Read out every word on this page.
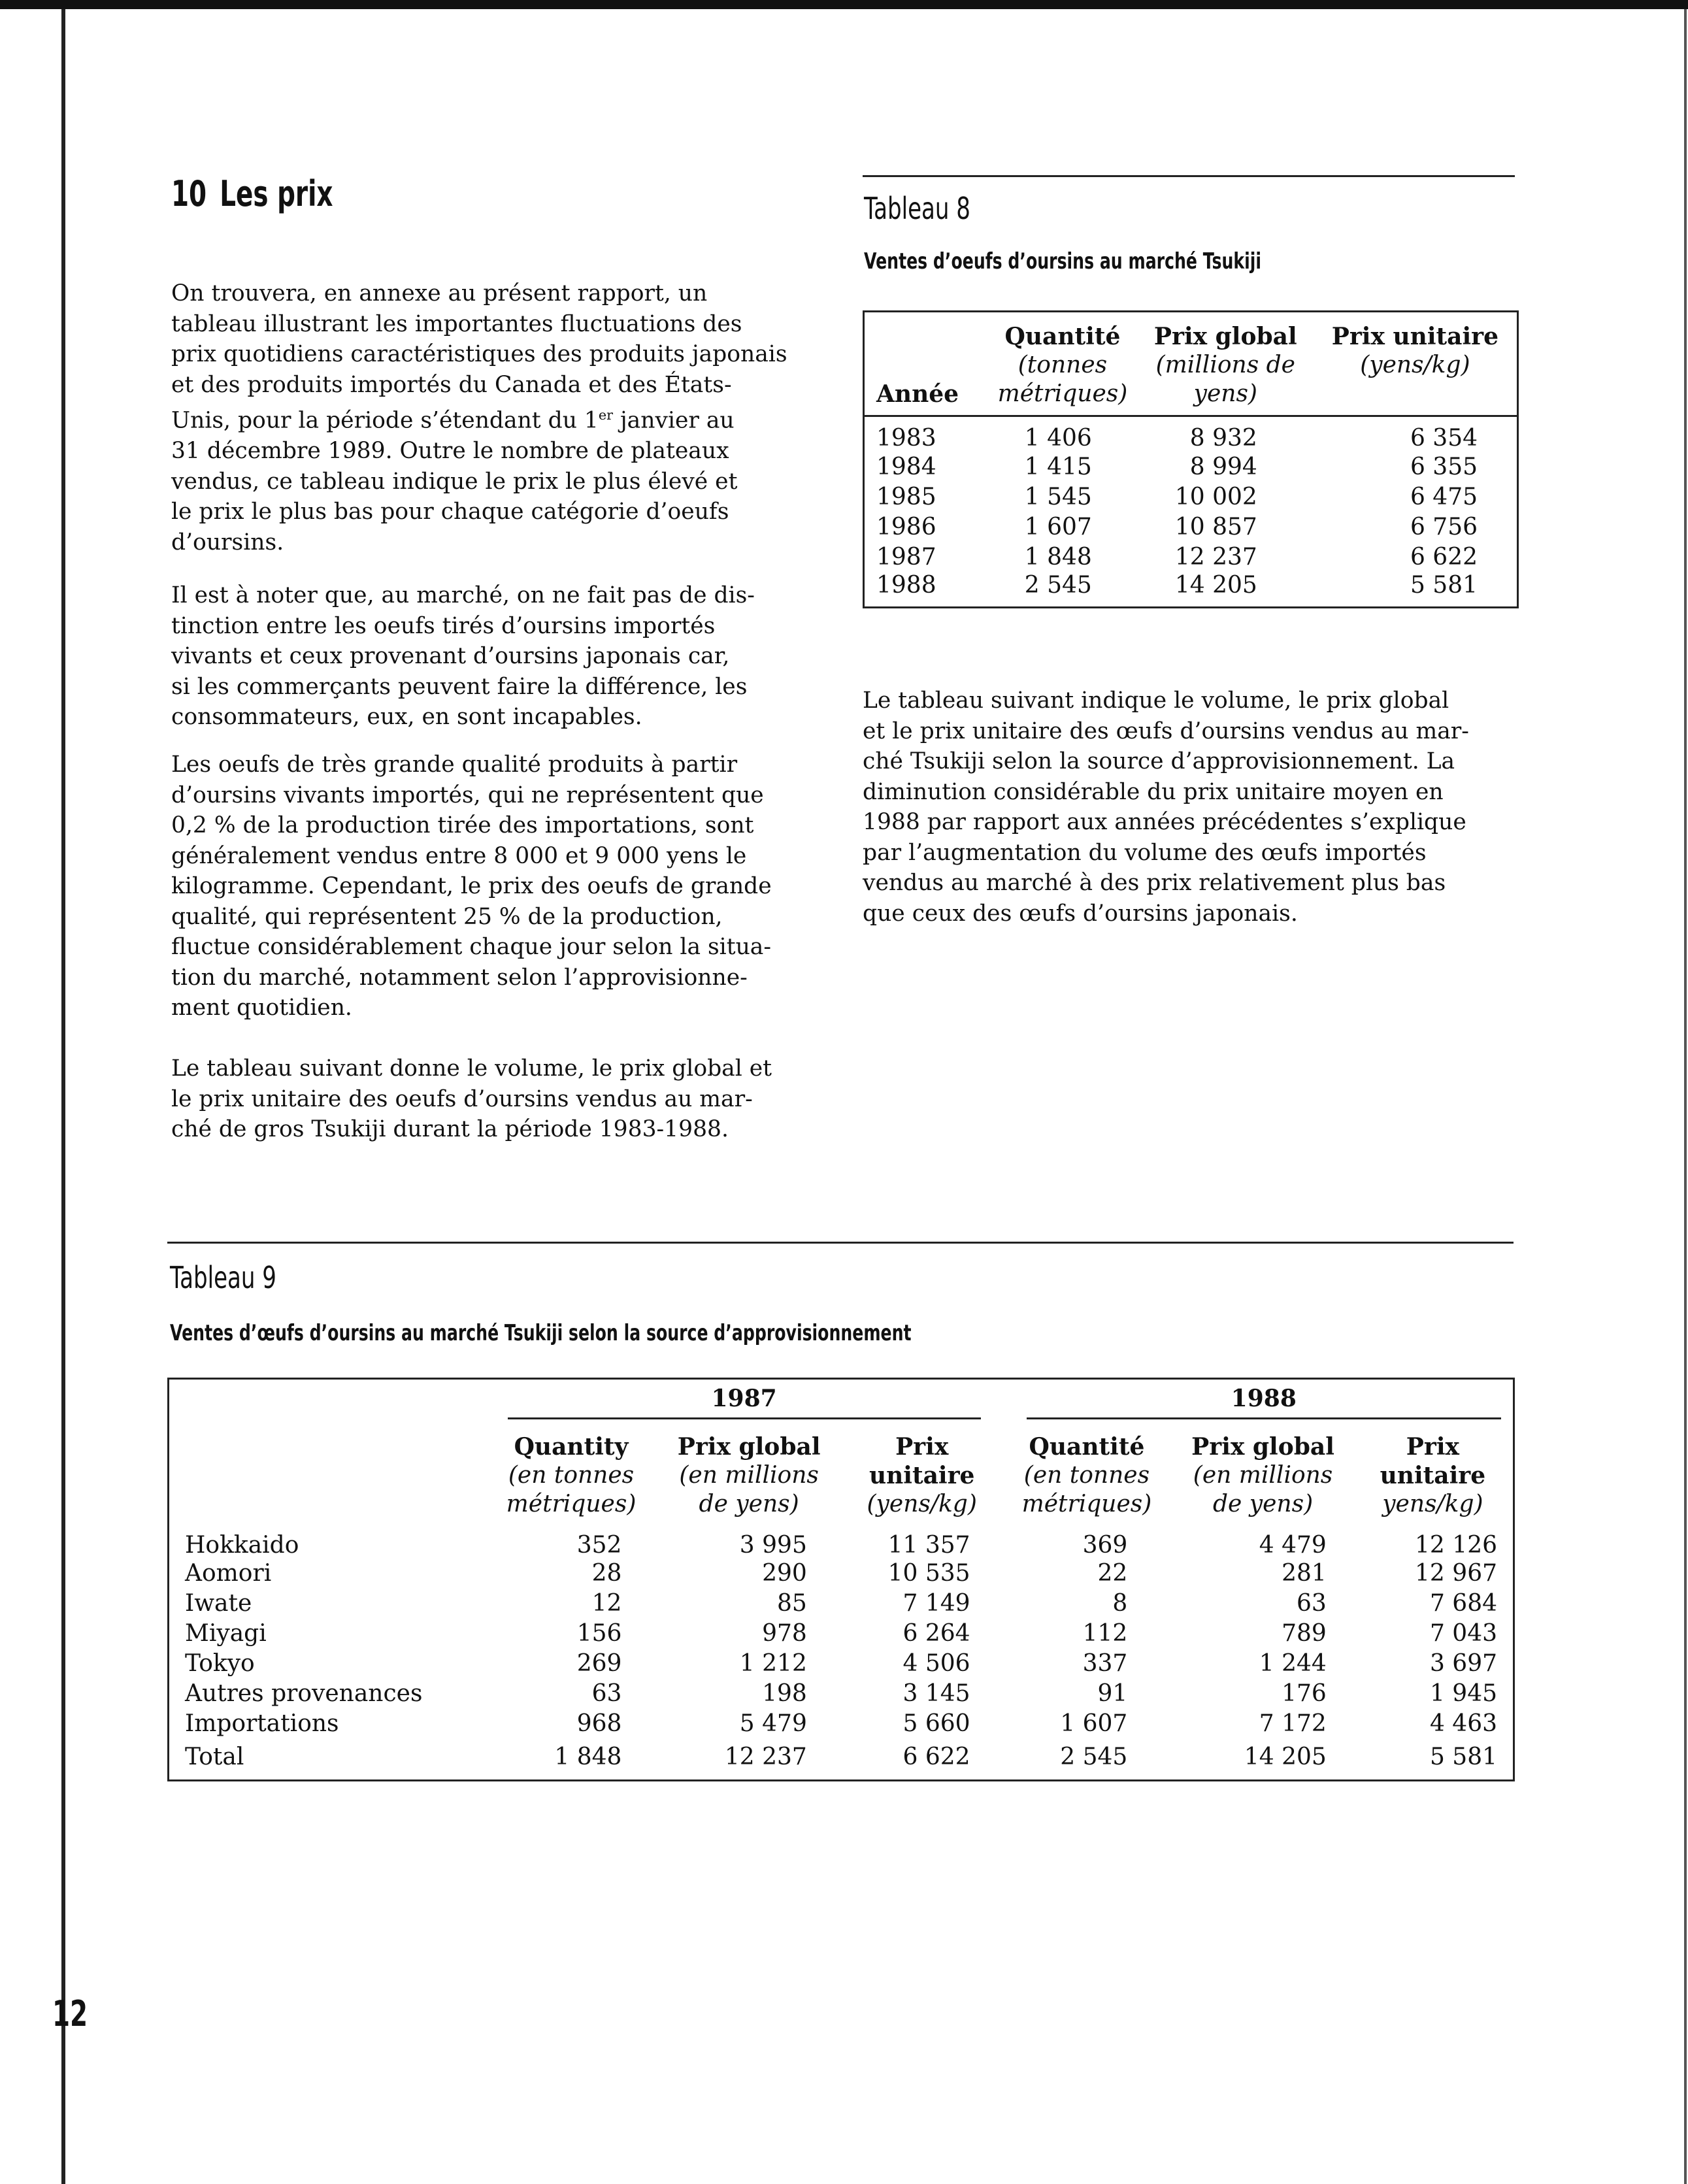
10 Les prix
On trouvera, en annexe au présent rapport, un
tableau illustrant les importantes fluctuations des
prix quotidiens caractéristiques des produits japonais
et des produits importés du Canada et des États-
Unis, pour la période s’étendant du 1er janvier au
31 décembre 1989. Outre le nombre de plateaux
vendus, ce tableau indique le prix le plus élevé et
le prix le plus bas pour chaque catégorie d’oeufs
d’oursins.
Il est à noter que, au marché, on ne fait pas de dis-
tinction entre les oeufs tirés d’oursins importés
vivants et ceux provenant d’oursins japonais car,
si les commerçants peuvent faire la différence, les
consommateurs, eux, en sont incapables.
Les oeufs de très grande qualité produits à partir
d’oursins vivants importés, qui ne représentent que
0,2 % de la production tirée des importations, sont
généralement vendus entre 8 000 et 9 000 yens le
kilogramme. Cependant, le prix des oeufs de grande
qualité, qui représentent 25 % de la production,
fluctue considérablement chaque jour selon la situa-
tion du marché, notamment selon l’approvisionne-
ment quotidien.
Le tableau suivant donne le volume, le prix global et
le prix unitaire des oeufs d’oursins vendus au mar-
ché de gros Tsukiji durant la période 1983-1988.
Tableau 8
Ventes d’oeufs d’oursins au marché Tsukiji
Année	Quantité
(tonnes
métriques)	Prix global
(millions de
yens)	Prix unitaire
(yens/kg)

1983	1 406	8 932	6 354
1984	1 415	8 994	6 355
1985	1 545	10 002	6 475
1986	1 607	10 857	6 756
1987	1 848	12 237	6 622
1988	2 545	14 205	5 581
Le tableau suivant indique le volume, le prix global
et le prix unitaire des œufs d’oursins vendus au mar-
ché Tsukiji selon la source d’approvisionnement. La
diminution considérable du prix unitaire moyen en
1988 par rapport aux années précédentes s’explique
par l’augmentation du volume des œufs importés
vendus au marché à des prix relativement plus bas
que ceux des œufs d’oursins japonais.
Tableau 9
Ventes d’œufs d’oursins au marché Tsukiji selon la source d’approvisionnement

	1987			1988		

	Quantity
(en tonnes
métriques)	Prix global
(en millions
de yens)	Prix
unitaire
(yens/kg)	Quantité
(en tonnes
métriques)	Prix global
(en millions
de yens)	Prix
unitaire
yens/kg)

Hokkaido	352	3 995	11 357	369	4 479	12 126
Aomori	28	290	10 535	22	281	12 967
Iwate	12	85	7 149	8	63	7 684
Miyagi	156	978	6 264	112	789	7 043
Tokyo	269	1 212	4 506	337	1 244	3 697
Autres provenances	63	198	3 145	91	176	1 945
Importations	968	5 479	5 660	1 607	7 172	4 463
Total	1 848	12 237	6 622	2 545	14 205	5 581
12
